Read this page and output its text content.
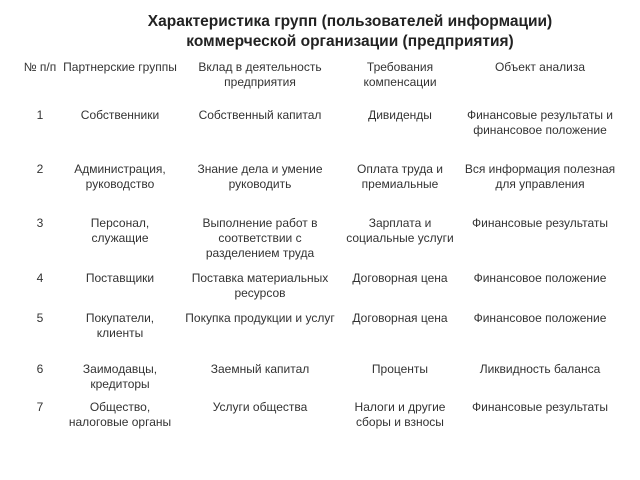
Характеристика групп (пользователей информации)
коммерческой организации (предприятия)
№ п/п	Партнерские группы	Вклад в деятельность предприятия	Требования компенсации	Объект анализа
1	Собственники	Собственный капитал	Дивиденды	Финансовые результаты и финансовое положение
2	Администрация, руководство	Знание дела и умение руководить	Оплата труда и премиальные	Вся информация полезная для управления
3	Персонал, служащие	Выполнение работ в соответствии с разделением труда	Зарплата и социальные услуги	Финансовые результаты
4	Поставщики	Поставка материальных ресурсов	Договорная цена	Финансовое положение
5	Покупатели, клиенты	Покупка продукции и услуг	Договорная цена	Финансовое положение
6	Заимодавцы, кредиторы	Заемный капитал	Проценты	Ликвидность баланса
7	Общество, налоговые органы	Услуги общества	Налоги и другие сборы и взносы	Финансовые результаты
